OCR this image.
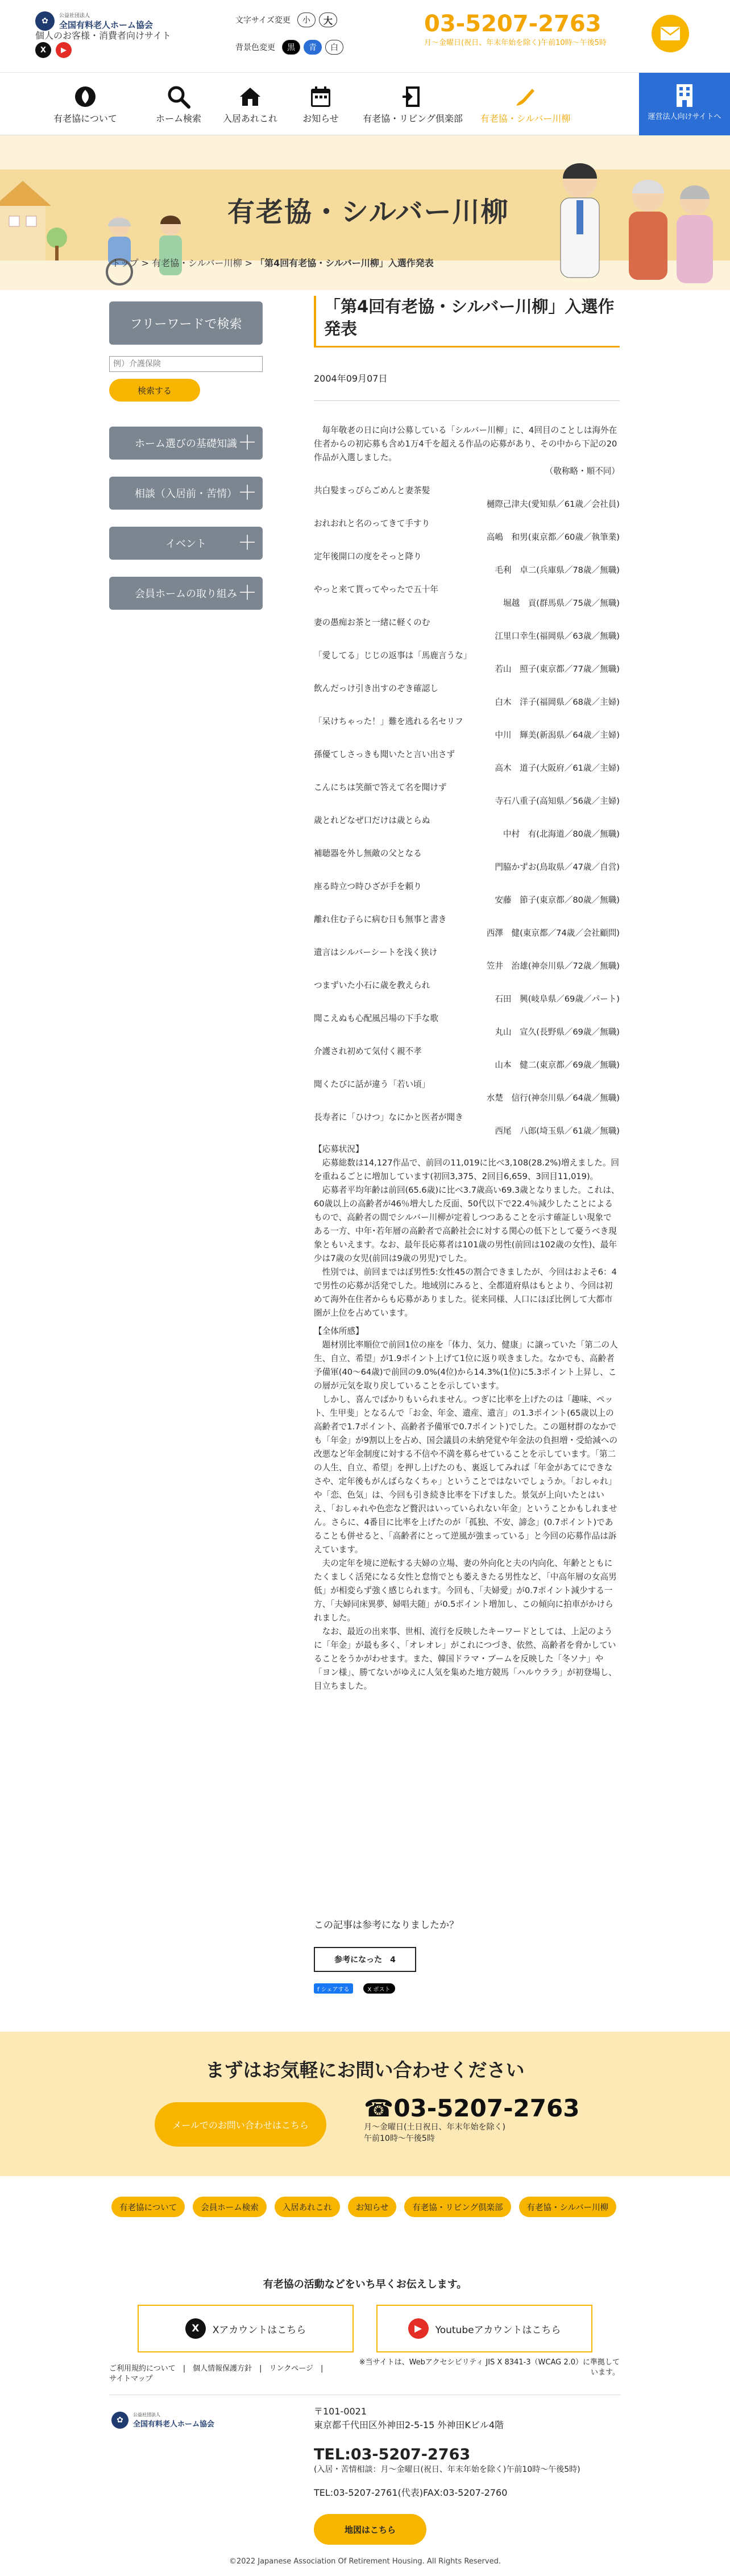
✿
公益社団法人
全国有料老人ホーム協会
個人のお客様・消費者向けサイト
X	▶
文字サイズ変更	小	大
背景色変更	黒	青	白
03-5207-2763
月～金曜日(祝日、年末年始を除く)午前10時～午後5時
有老協について	ホーム検索	入居あれこれ	お知らせ	有老協・リビング倶楽部	有老協・シルバー川柳	運営法人向けサイトへ
有老協・シルバー川柳
トップ > 有老協・シルバー川柳 > 「第4回有老協・シルバー川柳」入選作発表
フリーワードで検索
例）介護保険 検索する
ホーム選びの基礎知識 ＋
相談（入居前・苦情） ＋
イベント ＋
会員ホームの取り組み ＋
「第4回有老協・シルバー川柳」入選作発表
2004年09月07日

毎年敬老の日に向け公募している「シルバー川柳」に、4回目のことしは海外在住者からの初応募も含め1万4千を超える作品の応募があり、その中から下記の20作品が入選しました。

（敬称略・順不同）

共白髪まっぴらごめんと妻茶髪
樋際己津夫(愛知県／61歳／会社員)
おれおれと名のってきて手すり
高嶋　和男(東京都／60歳／執筆業)
定年後開口の度をそっと降り
毛利　卓二(兵庫県／78歳／無職)
やっと来て貰ってやったで五十年
堀越　貢(群馬県／75歳／無職)
妻の愚痴お茶と一緒に軽くのむ
江里口幸生(福岡県／63歳／無職)
「愛してる」じじの返事は「馬鹿言うな」
若山　照子(東京都／77歳／無職)
飲んだっけ引き出すのぞき確認し
白木　洋子(福岡県／68歳／主婦)
「呆けちゃった！」難を逃れる名セリフ
中川　輝美(新潟県／64歳／主婦)
孫優てしさっきも聞いたと言い出さず
高木　道子(大阪府／61歳／主婦)
こんにちは笑顔で答えて名を聞けず
寺石八重子(高知県／56歳／主婦)
歳とれどなぜ口だけは歳とらぬ
中村　有(北海道／80歳／無職)
補聴器を外し無敵の父となる
門脇かずお(鳥取県／47歳／自営)
座る時立つ時ひざが手を頼り
安藤　節子(東京都／80歳／無職)
離れ住む子らに病む日も無事と書き
西澤　健(東京都／74歳／会社顧問)
遺言はシルバーシートを浅く狭け
笠井　治雄(神奈川県／72歳／無職)
つまずいた小石に歳を教えられ
石田　興(岐阜県／69歳／パート)
聞こえぬも心配風呂場の下手な歌
丸山　宣久(長野県／69歳／無職)
介護され初めて気付く親不孝
山本　健二(東京都／69歳／無職)
聞くたびに話が違う「若い頃」
水楚　信行(神奈川県／64歳／無職)
長寿者に「ひけつ」なにかと医者が聞き
西尾　八郎(埼玉県／61歳／無職)

【応募状況】

応募総数は14,127作品で、前回の11,019に比べ3,108(28.2%)増えました。回を重ねるごとに増加しています(初回3,375、2回目6,659、3回目11,019)。

応募者平均年齢は前回(65.6歳)に比べ3.7歳高い69.3歳となりました。これは、60歳以上の高齢者が46％増大した反面、50代以下で22.4％減少したことによるもので、高齢者の間でシルバー川柳が定着しつつあることを示す確証しい現象である一方、中年･若年層の高齢者で高齢社会に対する関心の低下として憂うべき現象ともいえます。なお、最年長応募者は101歳の男性(前回は102歳の女性)、最年少は7歳の女児(前回は9歳の男児)でした。

性別では、前回まではぼ男性5:女性45の割合できましたが、今回はおよそ6：4で男性の応募が活発でした。地域別にみると、全都道府県はもとより、今回は初めて海外在住者からも応募がありました。従来同様、人口にほぼ比例して大都市圏が上位を占めています。

【全体所感】

題材別比率順位で前回1位の座を「体力、気力、健康」に譲っていた「第二の人生、自立、希望」が1.9ポイント上げて1位に返り咲きました。なかでも、高齢者予備軍(40～64歳)で前回の9.0%(4位)から14.3%(1位)に5.3ポイント上昇し、この層が元気を取り戻していることを示しています。

しかし、喜んでばかりもいられません。つぎに比率を上げたのは「趣味、ペット、生甲斐」となるんで「お金、年金、遺産、遺言」の1.3ポイント(65歳以上の高齢者で1.7ポイント、高齢者予備軍で0.7ポイント)でした。この題材群のなかでも「年金」が9割以上を占め、国会議員の未納発覚や年金法の負担増・受給減への改悪など年金制度に対する不信や不満を募らせていることを示しています。「第二の人生、自立、希望」を押し上げたのも、裏返してみれば「年金があてにできなさや、定年後もがんばらなくちゃ」ということではないでしょうか。「おしゃれ」や「恋、色気」は、今回も引き続き比率を下げました。景気が上向いたとはいえ、「おしゃれや色恋など贅沢はいっていられない年金」ということかもしれません。さらに、4番目に比率を上げたのが「孤独、不安、諦念」(0.7ポイント)であることも併せると、「高齢者にとって逆風が強まっている」と今回の応募作品は訴えています。

夫の定年を境に逆転する夫婦の立場、妻の外向化と夫の内向化、年齢とともにたくましく活発になる女性と怠惰でとも萎えきたる男性など、「中高年層の女高男低」が相変らず強く感じられます。今回も、「夫婦愛」が0.7ポイント減少する一方、「夫婦同床異夢、婦唱夫随」が0.5ポイント増加し、この傾向に拍車がかけられました。

なお、最近の出来事、世相、流行を反映したキーワードとしては、上記のように「年金」が最も多く、「オレオレ」がこれにつづき、依然、高齢者を脅かしていることをうかがわせます。また、韓国ドラマ・ブームを反映した「冬ソナ」や「ヨン様」、勝てないがゆえに人気を集めた地方競馬「ハルウララ」が初登場し、目立ちました。

この記事は参考になりましたか？
参考になった　4
f シェアする	X ポスト
まずはお気軽にお問い合わせください
メールでのお問い合わせはこちら
☎03-5207-2763
月～金曜日(土日祝日、年末年始を除く)
午前10時～午後5時
有老協について	会員ホーム検索	入居あれこれ	お知らせ	有老協・リビング倶楽部	有老協・シルバー川柳
有老協の活動などをいち早くお伝えします。
X	Xアカウントはこちら	▶	Youtubeアカウントはこちら
ご利用規約について　|　個人情報保護方針　|　リンクページ　|
サイトマップ
※当サイトは、Webアクセシビリティ JIS X 8341-3（WCAG 2.0）に準拠しています。
✿
公益社団法人
全国有料老人ホーム協会
〒101-0021
東京都千代田区外神田2-5-15 外神田Kビル4階
TEL:03-5207-2763
(入居・苦情相談：月～金曜日(祝日、年末年始を除く)午前10時～午後5時)
TEL:03-5207-2761(代表)FAX:03-5207-2760
地図はこちら
©2022 Japanese Association Of Retirement Housing. All Rights Reserved.
